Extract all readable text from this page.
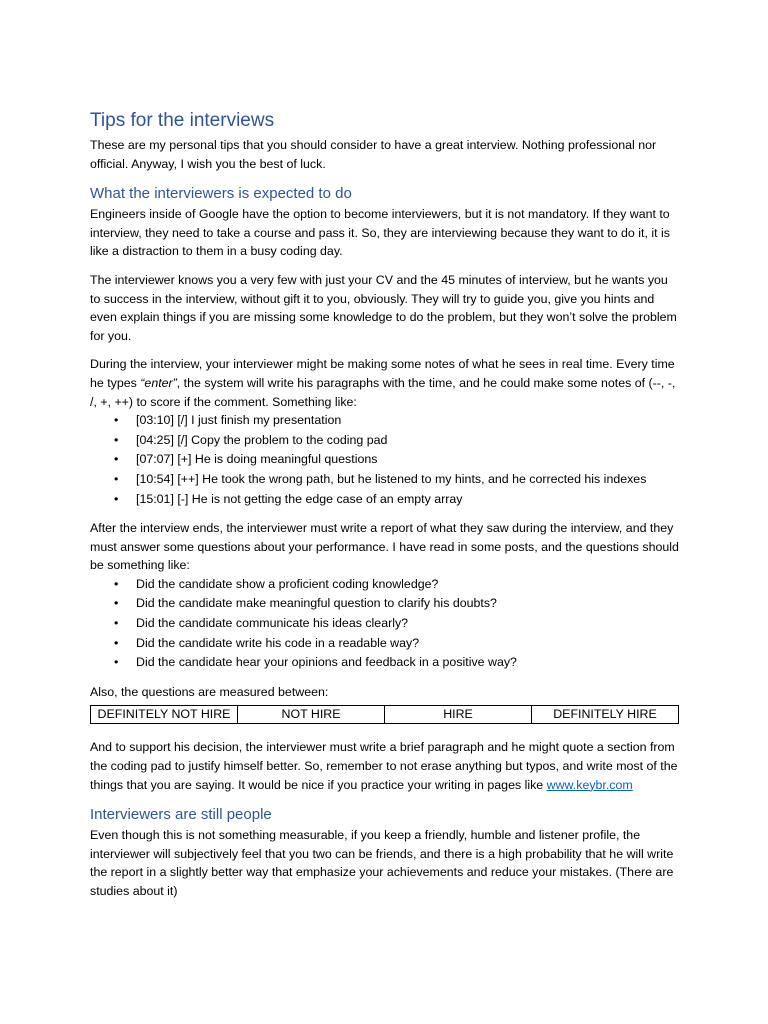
Tips for the interviews

These are my personal tips that you should consider to have a great interview. Nothing professional nor official. Anyway, I wish you the best of luck.

What the interviewers is expected to do

Engineers inside of Google have the option to become interviewers, but it is not mandatory. If they want to interview, they need to take a course and pass it. So, they are interviewing because they want to do it, it is like a distraction to them in a busy coding day.

The interviewer knows you a very few with just your CV and the 45 minutes of interview, but he wants you to success in the interview, without gift it to you, obviously. They will try to guide you, give you hints and even explain things if you are missing some knowledge to do the problem, but they won’t solve the problem for you.

During the interview, your interviewer might be making some notes of what he sees in real time. Every time he types “enter”, the system will write his paragraphs with the time, and he could make some notes of (--, -, /, +, ++) to score if the comment. Something like:

• [03:10] [/] I just finish my presentation
• [04:25] [/] Copy the problem to the coding pad
• [07:07] [+] He is doing meaningful questions
• [10:54] [++] He took the wrong path, but he listened to my hints, and he corrected his indexes
• [15:01] [-] He is not getting the edge case of an empty array

After the interview ends, the interviewer must write a report of what they saw during the interview, and they must answer some questions about your performance. I have read in some posts, and the questions should be something like:

• Did the candidate show a proficient coding knowledge?
• Did the candidate make meaningful question to clarify his doubts?
• Did the candidate communicate his ideas clearly?
• Did the candidate write his code in a readable way?
• Did the candidate hear your opinions and feedback in a positive way?

Also, the questions are measured between:

DEFINITELY NOT HIRE	NOT HIRE	HIRE	DEFINITELY HIRE

And to support his decision, the interviewer must write a brief paragraph and he might quote a section from the coding pad to justify himself better. So, remember to not erase anything but typos, and write most of the things that you are saying. It would be nice if you practice your writing in pages like www.keybr.com

Interviewers are still people

Even though this is not something measurable, if you keep a friendly, humble and listener profile, the interviewer will subjectively feel that you two can be friends, and there is a high probability that he will write the report in a slightly better way that emphasize your achievements and reduce your mistakes. (There are studies about it)
